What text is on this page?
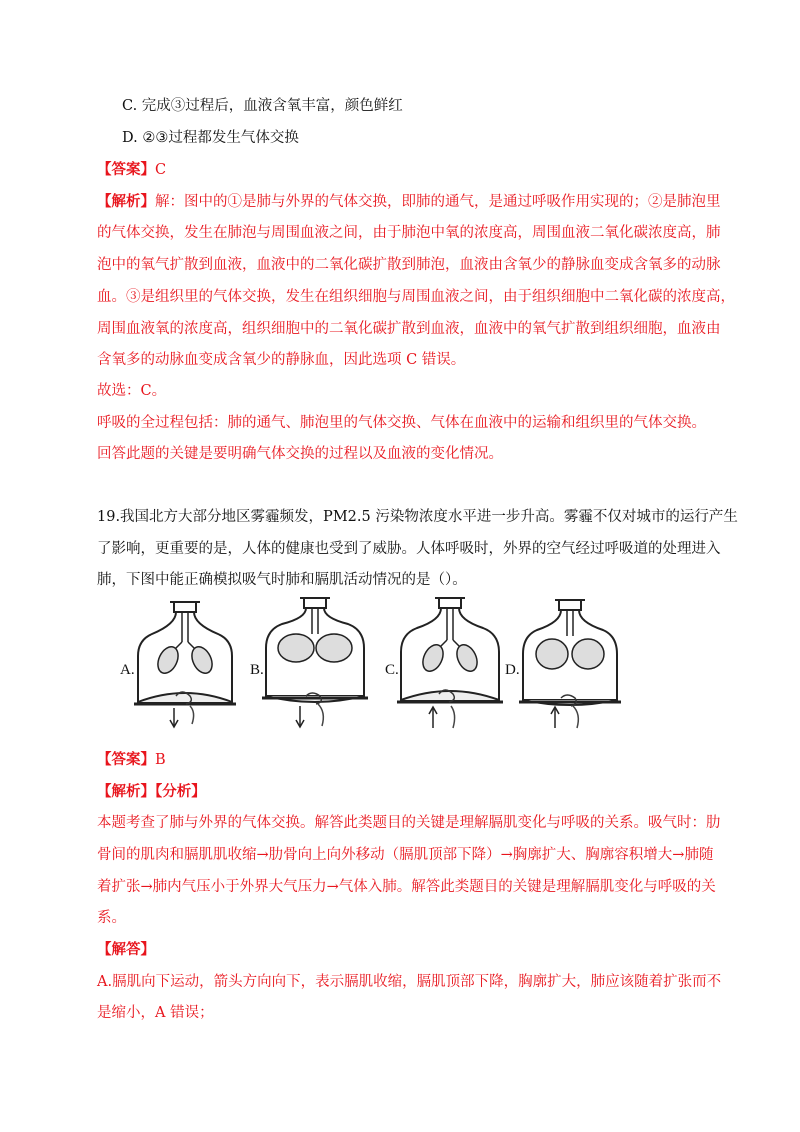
C. 完成③过程后，血液含氧丰富，颜色鲜红
D. ②③过程都发生气体交换
【答案】C
【解析】解：图中的①是肺与外界的气体交换，即肺的通气，是通过呼吸作用实现的；②是肺泡里
的气体交换，发生在肺泡与周围血液之间，由于肺泡中氧的浓度高，周围血液二氧化碳浓度高，肺
泡中的氧气扩散到血液，血液中的二氧化碳扩散到肺泡，血液由含氧少的静脉血变成含氧多的动脉
血。③是组织里的气体交换，发生在组织细胞与周围血液之间，由于组织细胞中二氧化碳的浓度高，
周围血液氧的浓度高，组织细胞中的二氧化碳扩散到血液，血液中的氧气扩散到组织细胞，血液由
含氧多的动脉血变成含氧少的静脉血，因此选项 C 错误。
故选：C。
呼吸的全过程包括：肺的通气、肺泡里的气体交换、气体在血液中的运输和组织里的气体交换。
回答此题的关键是要明确气体交换的过程以及血液的变化情况。
19.我国北方大部分地区雾霾频发，PM2.5 污染物浓度水平进一步升高。雾霾不仅对城市的运行产生
了影响，更重要的是，人体的健康也受到了威胁。人体呼吸时，外界的空气经过呼吸道的处理进入
肺，下图中能正确模拟吸气时肺和膈肌活动情况的是（）。
A.	B.	C.	D.
【答案】B
【解析】【分析】
本题考查了肺与外界的气体交换。解答此类题目的关键是理解膈肌变化与呼吸的关系。吸气时：肋
骨间的肌肉和膈肌肌收缩→肋骨向上向外移动（膈肌顶部下降）→胸廓扩大、胸廓容积增大→肺随
着扩张→肺内气压小于外界大气压力→气体入肺。解答此类题目的关键是理解膈肌变化与呼吸的关
系。
【解答】
A.膈肌向下运动，箭头方向向下，表示膈肌收缩，膈肌顶部下降，胸廓扩大，肺应该随着扩张而不
是缩小，A 错误；
